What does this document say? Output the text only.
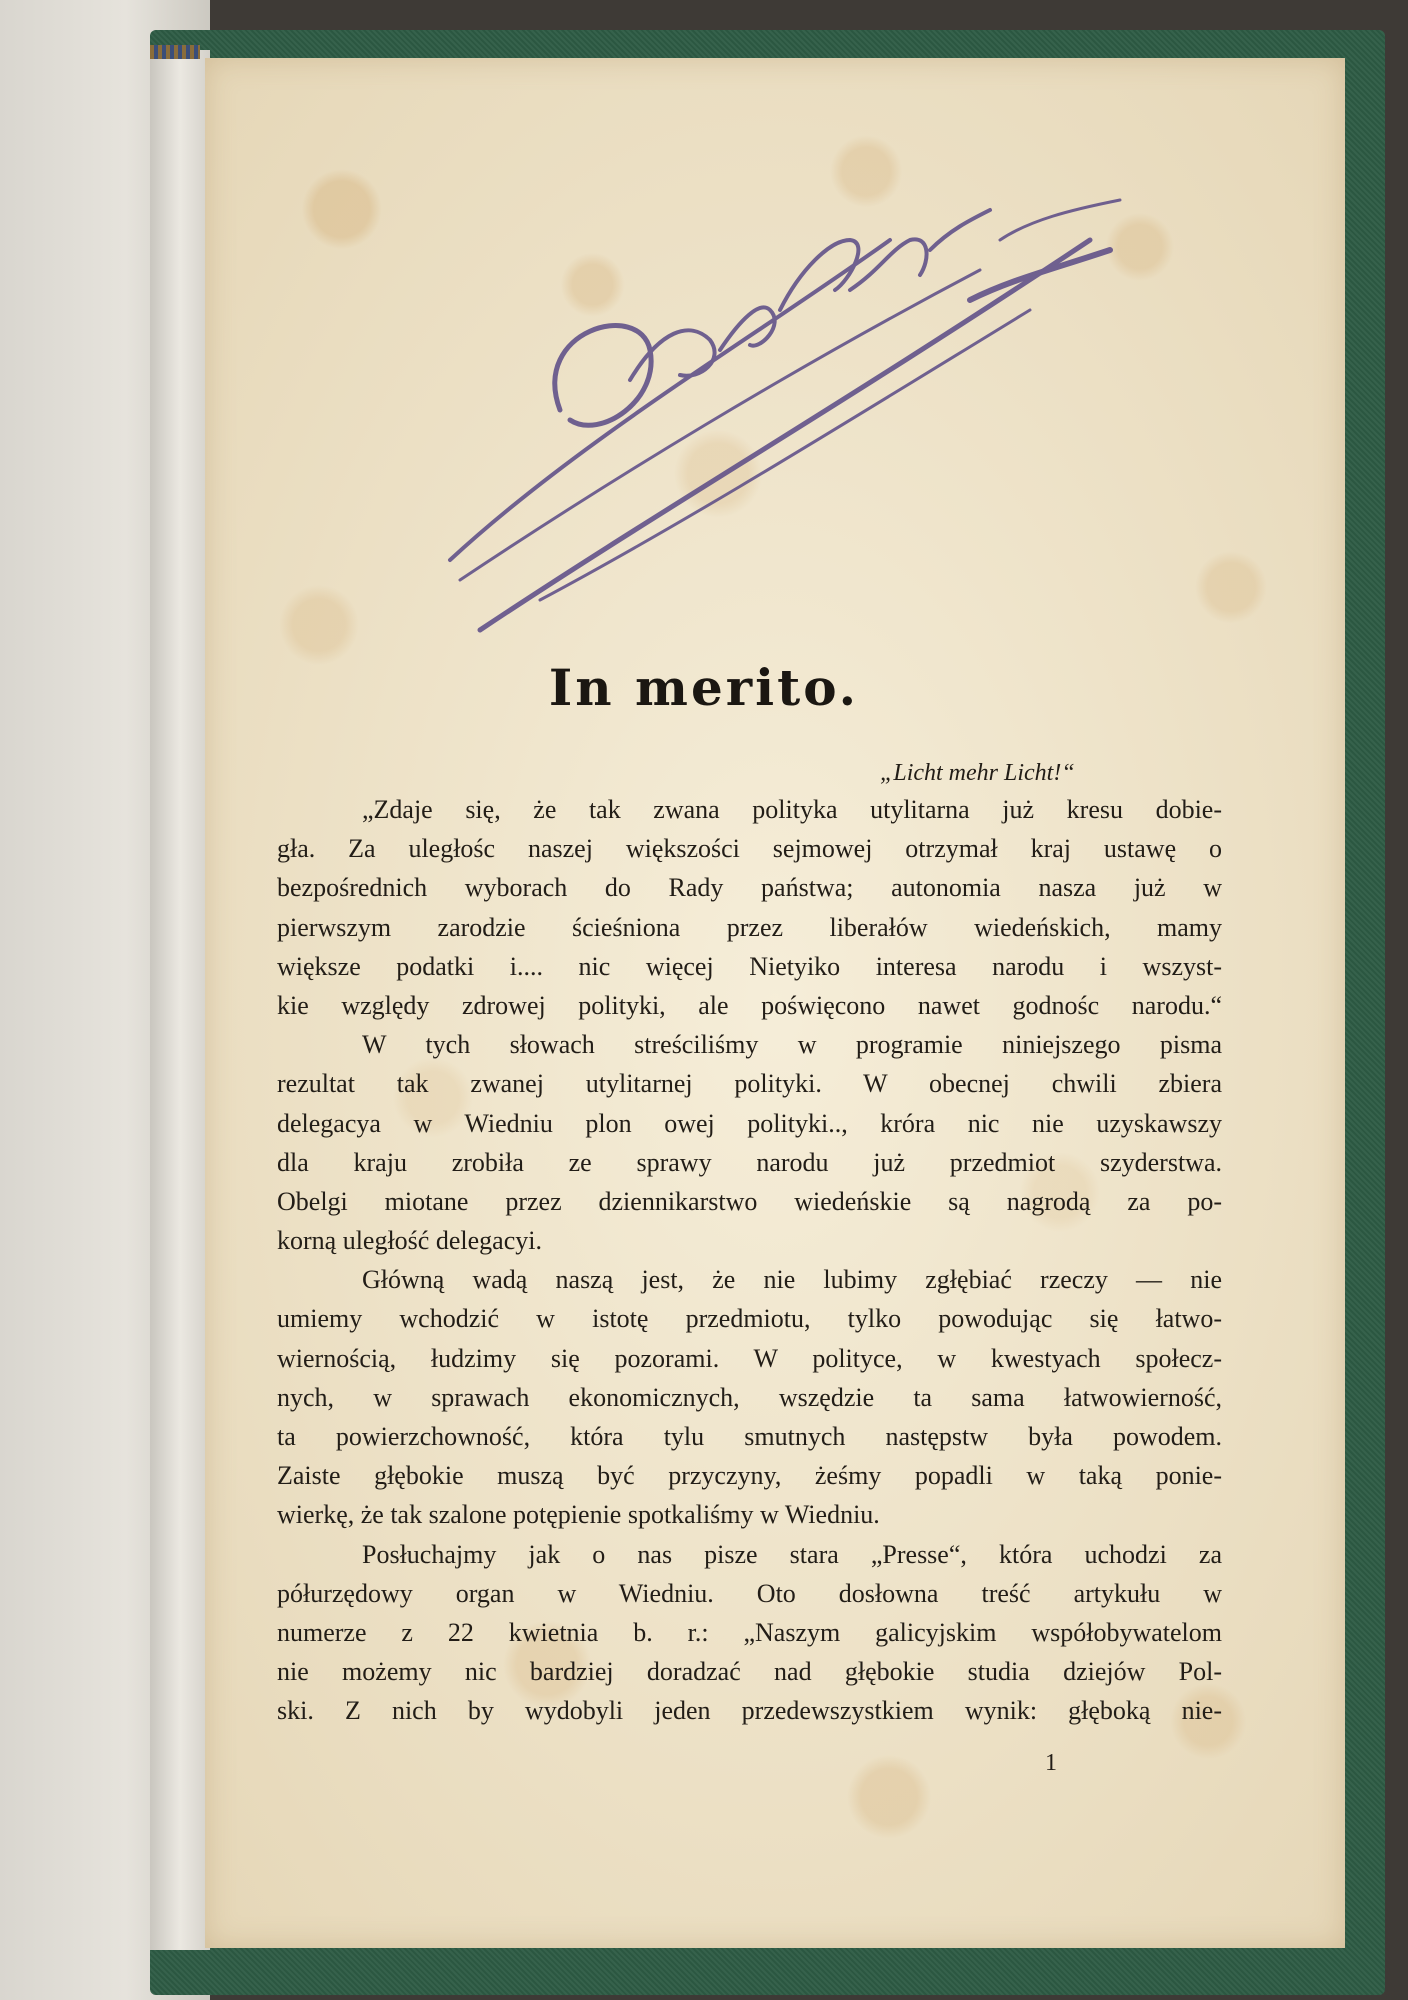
In merito.
„Licht mehr Licht!“
„Zdaje się, że tak zwana polityka utylitarna już kresu dobie-
gła. Za uległośc naszej większości sejmowej otrzymał kraj ustawę o
bezpośrednich wyborach do Rady państwa; autonomia nasza już w
pierwszym zarodzie ścieśniona przez liberałów wiedeńskich, mamy
większe podatki i.... nic więcej Nietyiko interesa narodu i wszyst-
kie względy zdrowej polityki, ale poświęcono nawet godnośc narodu.“
W tych słowach streściliśmy w programie niniejszego pisma
rezultat tak zwanej utylitarnej polityki. W obecnej chwili zbiera
delegacya w Wiedniu plon owej polityki.., króra nic nie uzyskawszy
dla kraju zrobiła ze sprawy narodu już przedmiot szyderstwa.
Obelgi miotane przez dziennikarstwo wiedeńskie są nagrodą za po-
korną uległość delegacyi.
Główną wadą naszą jest, że nie lubimy zgłębiać rzeczy — nie
umiemy wchodzić w istotę przedmiotu, tylko powodując się łatwo-
wiernością, łudzimy się pozorami. W polityce, w kwestyach społecz-
nych, w sprawach ekonomicznych, wszędzie ta sama łatwowierność,
ta powierzchowność, która tylu smutnych następstw była powodem.
Zaiste głębokie muszą być przyczyny, żeśmy popadli w taką ponie-
wierkę, że tak szalone potępienie spotkaliśmy w Wiedniu.
Posłuchajmy jak o nas pisze stara „Presse“, która uchodzi za
półurzędowy organ w Wiedniu. Oto dosłowna treść artykułu w
numerze z 22 kwietnia b. r.: „Naszym galicyjskim współobywatelom
nie możemy nic bardziej doradzać nad głębokie studia dziejów Pol-
ski. Z nich by wydobyli jeden przedewszystkiem wynik: głęboką nie-
1
